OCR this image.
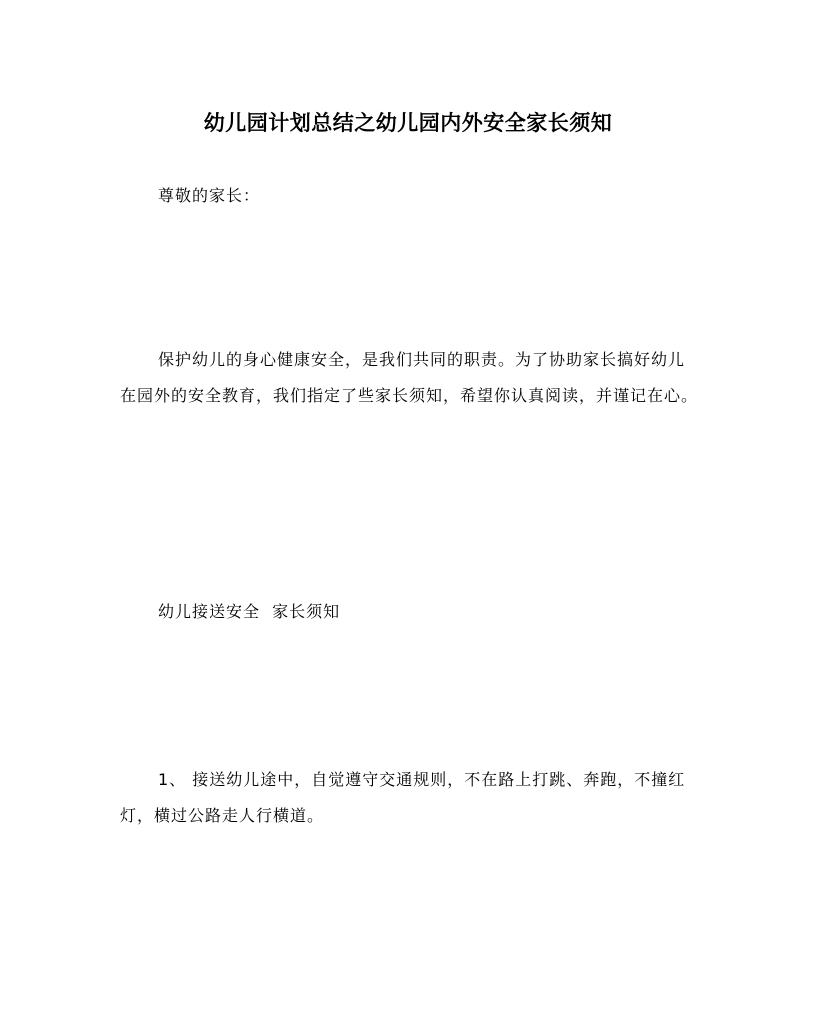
幼儿园计划总结之幼儿园内外安全家长须知
尊敬的家长：
保护幼儿的身心健康安全，是我们共同的职责。为了协助家长搞好幼儿在园外的安全教育，我们指定了些家长须知，希望你认真阅读，并谨记在心。
幼儿接送安全  家长须知
1、 接送幼儿途中，自觉遵守交通规则，不在路上打跳、奔跑，不撞红灯，横过公路走人行横道。
